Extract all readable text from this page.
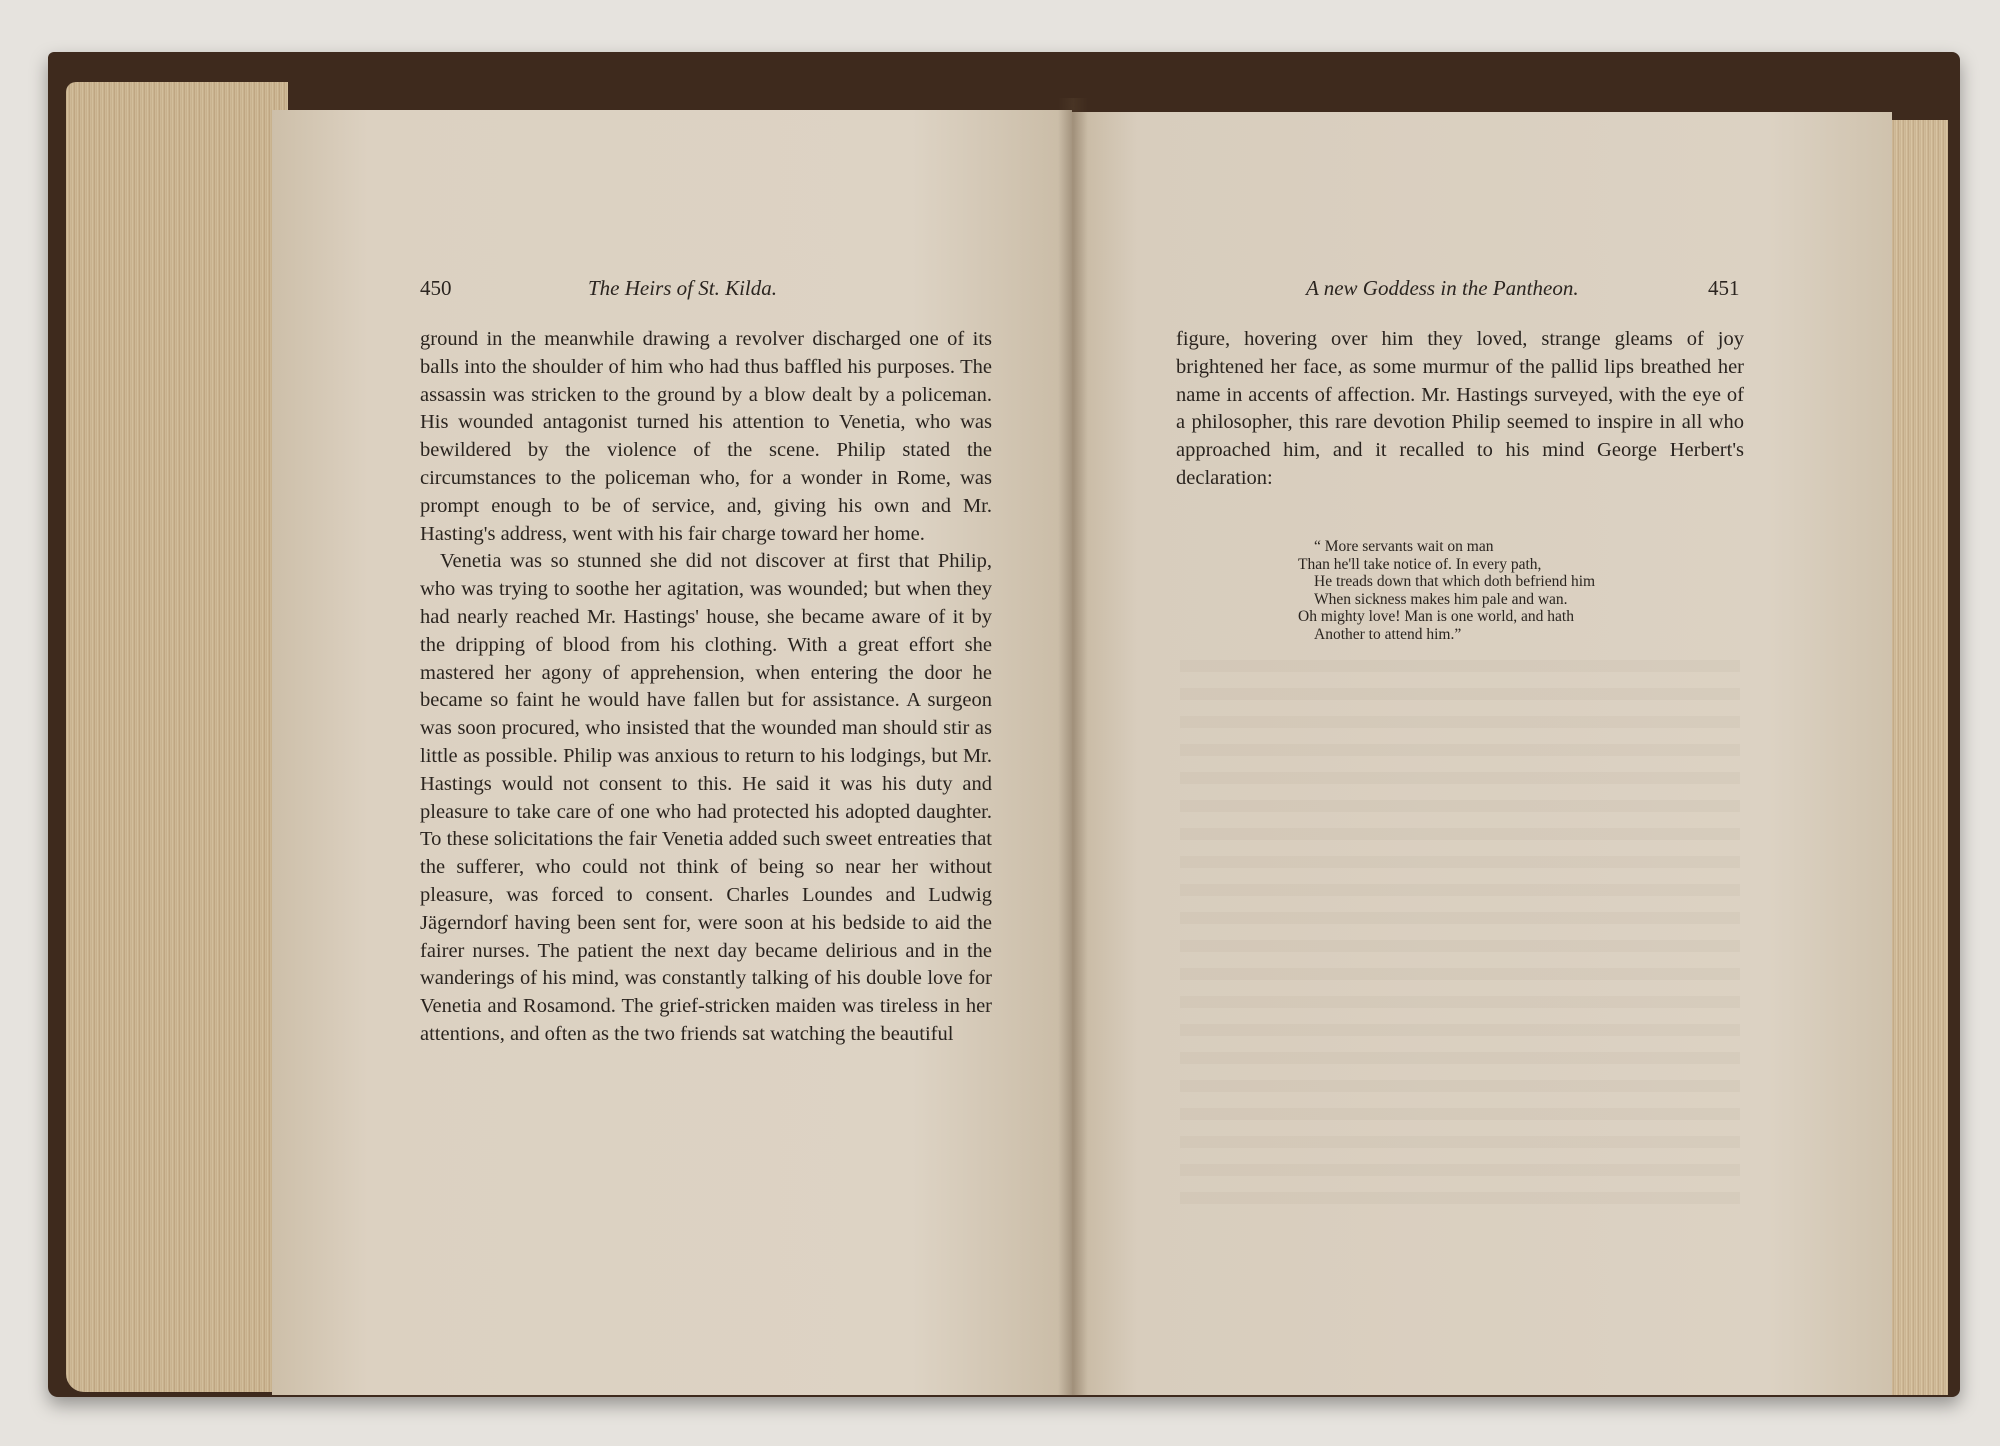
450	The Heirs of St. Kilda.

ground in the meanwhile drawing a revolver discharged one of its balls into the shoulder of him who had thus baffled his purposes. The assassin was stricken to the ground by a blow dealt by a policeman. His wounded antagonist turned his attention to Venetia, who was bewildered by the violence of the scene. Philip stated the circumstances to the policeman who, for a wonder in Rome, was prompt enough to be of service, and, giving his own and Mr. Hasting's address, went with his fair charge toward her home.

Venetia was so stunned she did not discover at first that Philip, who was trying to soothe her agitation, was wounded; but when they had nearly reached Mr. Hastings' house, she became aware of it by the dripping of blood from his clothing. With a great effort she mastered her agony of apprehension, when entering the door he became so faint he would have fallen but for assistance. A surgeon was soon procured, who insisted that the wounded man should stir as little as possible. Philip was anxious to return to his lodgings, but Mr. Hastings would not consent to this. He said it was his duty and pleasure to take care of one who had protected his adopted daughter. To these solicitations the fair Venetia added such sweet entreaties that the sufferer, who could not think of being so near her without pleasure, was forced to consent. Charles Loundes and Ludwig Jägerndorf having been sent for, were soon at his bedside to aid the fairer nurses. The patient the next day became delirious and in the wanderings of his mind, was constantly talking of his double love for Venetia and Rosamond. The grief-stricken maiden was tireless in her attentions, and often as the two friends sat watching the beautiful

A new Goddess in the Pantheon.	451

figure, hovering over him they loved, strange gleams of joy brightened her face, as some murmur of the pallid lips breathed her name in accents of affection. Mr. Hastings surveyed, with the eye of a philosopher, this rare devotion Philip seemed to inspire in all who approached him, and it recalled to his mind George Herbert's declaration:

“ More servants wait on man
Than he'll take notice of. In every path,
He treads down that which doth befriend him
When sickness makes him pale and wan.
Oh mighty love! Man is one world, and hath
Another to attend him.”
